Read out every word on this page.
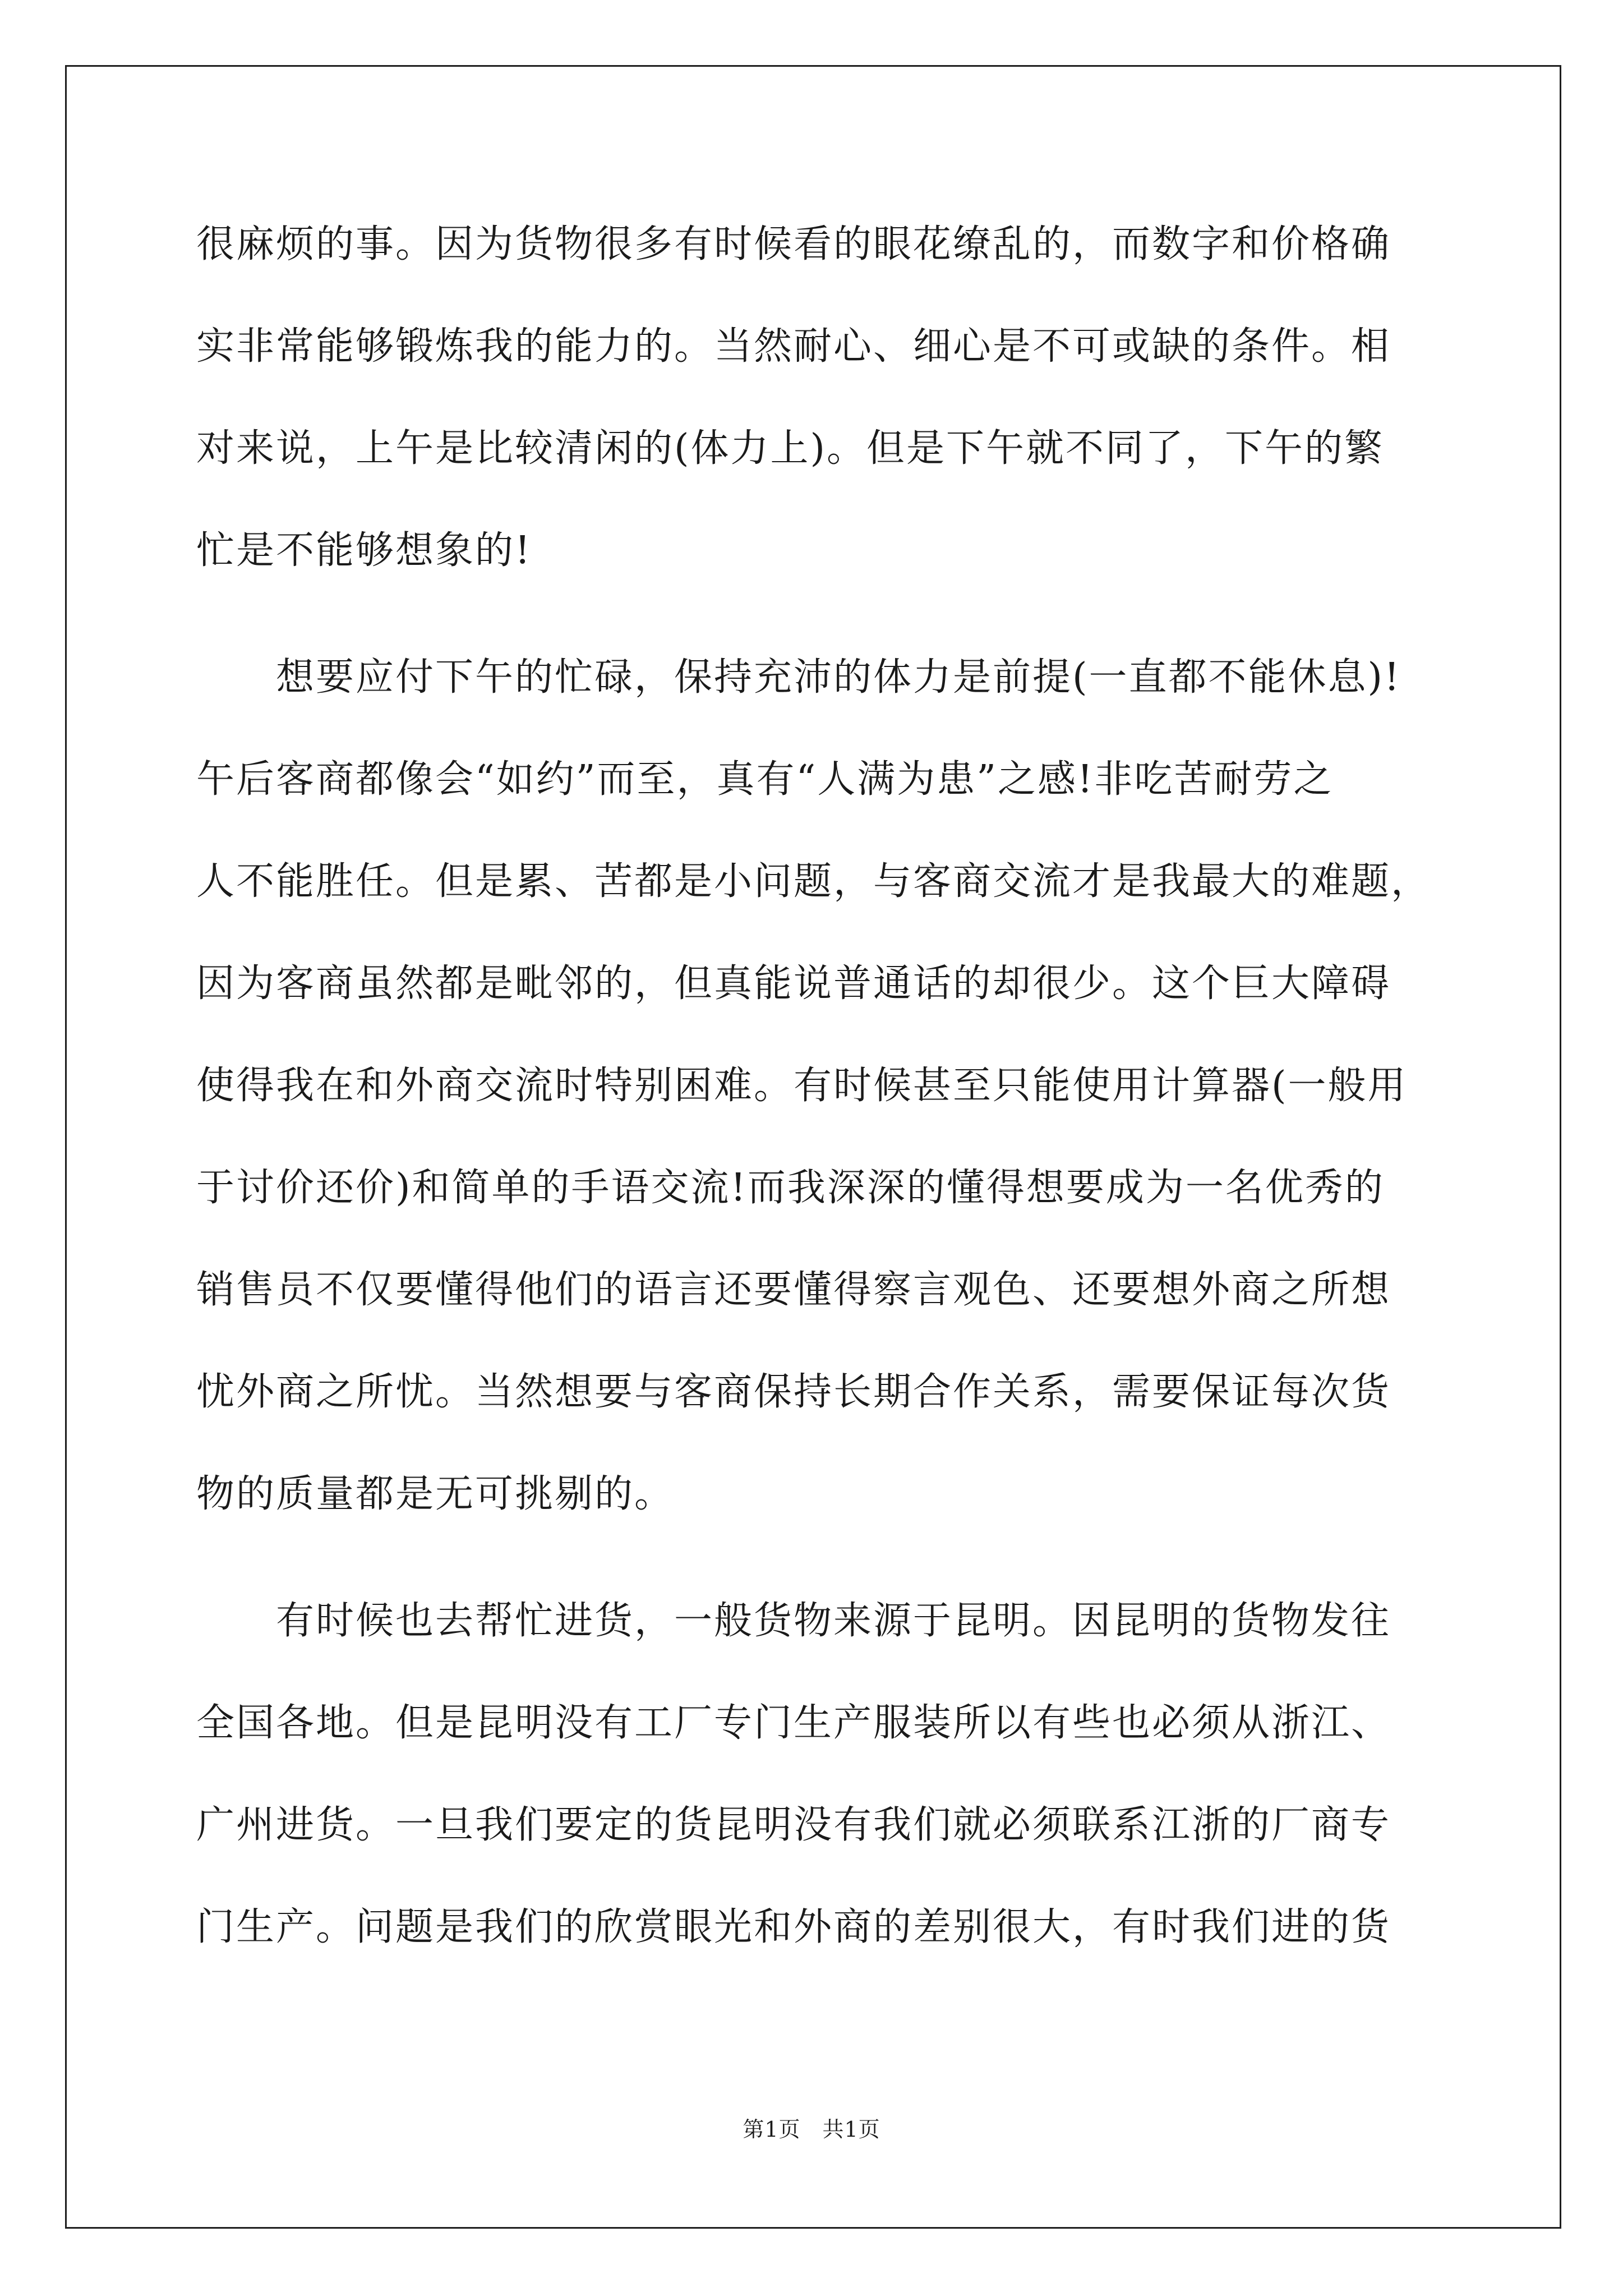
很麻烦的事。因为货物很多有时候看的眼花缭乱的，而数字和价格确
实非常能够锻炼我的能力的。当然耐心、细心是不可或缺的条件。相
对来说，上午是比较清闲的(体力上)。但是下午就不同了，下午的繁
忙是不能够想象的!
　　想要应付下午的忙碌，保持充沛的体力是前提(一直都不能休息)!
午后客商都像会“如约”而至，真有“人满为患”之感!非吃苦耐劳之
人不能胜任。但是累、苦都是小问题，与客商交流才是我最大的难题，
因为客商虽然都是毗邻的，但真能说普通话的却很少。这个巨大障碍
使得我在和外商交流时特别困难。有时候甚至只能使用计算器(一般用
于讨价还价)和简单的手语交流!而我深深的懂得想要成为一名优秀的
销售员不仅要懂得他们的语言还要懂得察言观色、还要想外商之所想
忧外商之所忧。当然想要与客商保持长期合作关系，需要保证每次货
物的质量都是无可挑剔的。
　　有时候也去帮忙进货，一般货物来源于昆明。因昆明的货物发往
全国各地。但是昆明没有工厂专门生产服装所以有些也必须从浙江、
广州进货。一旦我们要定的货昆明没有我们就必须联系江浙的厂商专
门生产。问题是我们的欣赏眼光和外商的差别很大，有时我们进的货
第1页　共1页
